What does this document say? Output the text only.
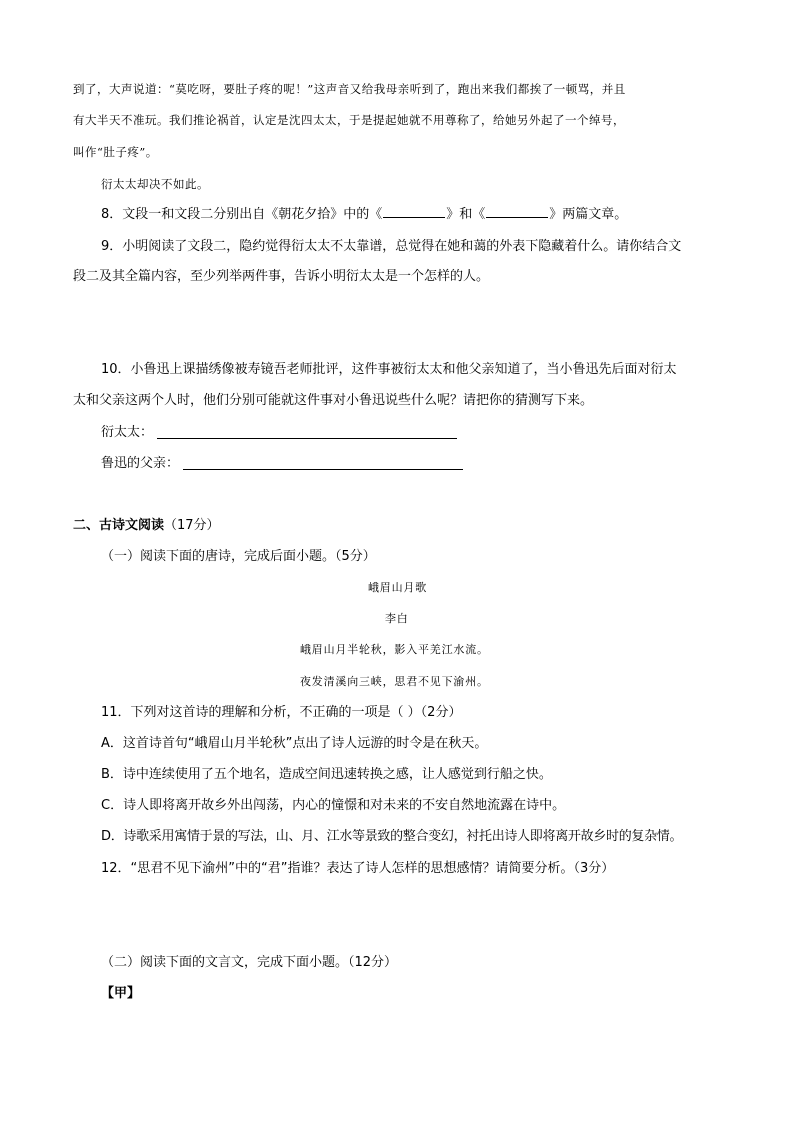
到了，大声说道：“莫吃呀，要肚子疼的呢！”这声音又给我母亲听到了，跑出来我们都挨了一顿骂，并且
有大半天不准玩。我们推论祸首，认定是沈四太太，于是提起她就不用尊称了，给她另外起了一个绰号，
叫作“肚子疼”。
衍太太却决不如此。
8．文段一和文段二分别出自《朝花夕拾》中的《	》和《	》两篇文章。
9．小明阅读了文段二，隐约觉得衍太太不太靠谱，总觉得在她和蔼的外表下隐藏着什么。请你结合文
段二及其全篇内容，至少列举两件事，告诉小明衍太太是一个怎样的人。
10．小鲁迅上课描绣像被寿镜吾老师批评，这件事被衍太太和他父亲知道了，当小鲁迅先后面对衍太
太和父亲这两个人时，他们分别可能就这件事对小鲁迅说些什么呢？请把你的猜测写下来。
衍太太：
鲁迅的父亲：
二、古诗文阅读（17分）
（一）阅读下面的唐诗，完成后面小题。（5分）
峨眉山月歌
李白
峨眉山月半轮秋，影入平羌江水流。
夜发清溪向三峡，思君不见下渝州。
11．下列对这首诗的理解和分析，不正确的一项是（ ）（2分）
A．这首诗首句“峨眉山月半轮秋”点出了诗人远游的时令是在秋天。
B．诗中连续使用了五个地名，造成空间迅速转换之感，让人感觉到行船之快。
C．诗人即将离开故乡外出闯荡，内心的憧憬和对未来的不安自然地流露在诗中。
D．诗歌采用寓情于景的写法，山、月、江水等景致的整合变幻，衬托出诗人即将离开故乡时的复杂情。
12．“思君不见下渝州”中的“君”指谁？表达了诗人怎样的思想感情？请简要分析。（3分）
（二）阅读下面的文言文，完成下面小题。（12分）
【甲】
